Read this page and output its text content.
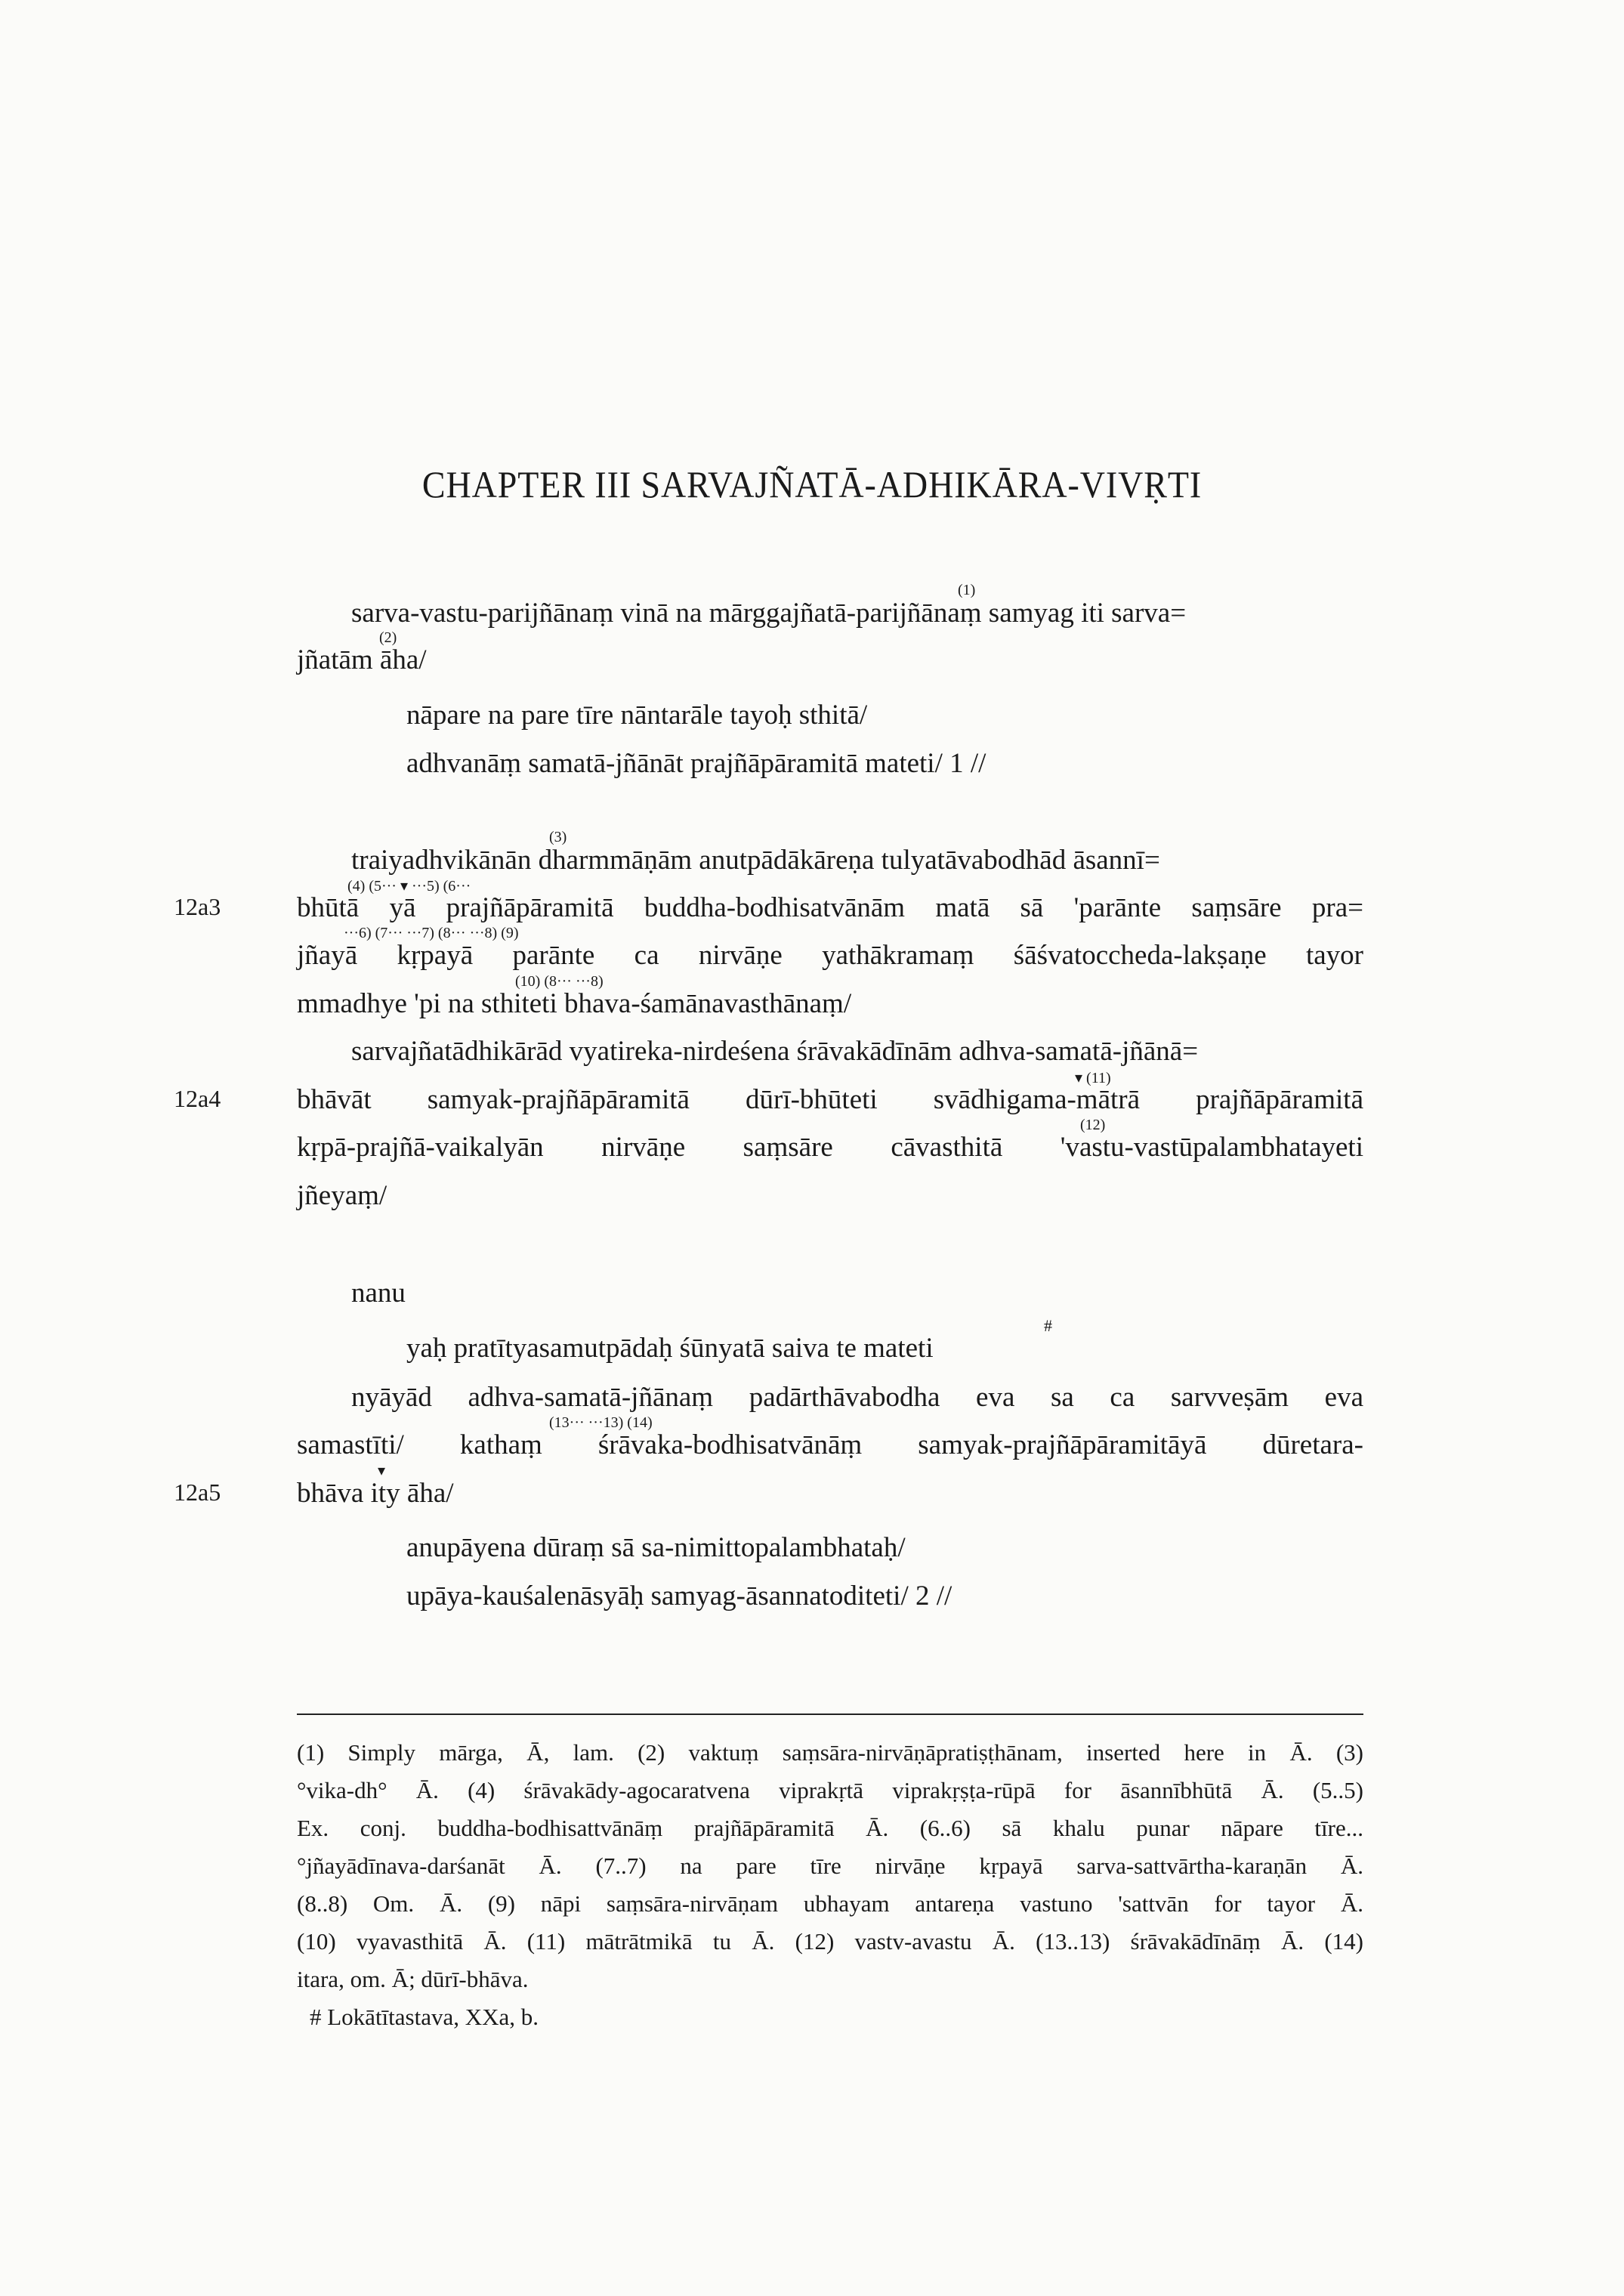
CHAPTER III SARVAJÑATĀ-ADHIKĀRA-VIVṚTI
(1)
sarva-vastu-parijñānaṃ vinā na mārggajñatā-parijñānaṃ samyag iti sarva=
(2)
jñatām āha/
nāpare na pare tīre nāntarāle tayoḥ sthitā/
adhvanāṃ samatā-jñānāt prajñāpāramitā mateti/ 1 //
(3)
traiyadhvikānān dharmmāṇām anutpādākāreṇa tulyatāvabodhād āsannī=
12a3
(4) (5··· ▾ ···5) (6···
bhūtā yā prajñāpāramitā buddha-bodhisatvānām matā sā 'parānte saṃsāre pra=
···6) (7··· ···7) (8··· ···8) (9)
jñayā kṛpayā parānte ca nirvāṇe yathākramaṃ śāśvatoccheda-lakṣaṇe tayor
(10) (8··· ···8)
mmadhye 'pi na sthiteti bhava-śamānavasthānaṃ/
sarvajñatādhikārād vyatireka-nirdeśena śrāvakādīnām adhva-samatā-jñānā=
12a4
▾ (11)
bhāvāt samyak-prajñāpāramitā dūrī-bhūteti svādhigama-mātrā prajñāpāramitā
(12)
kṛpā-prajñā-vaikalyān nirvāṇe saṃsāre cāvasthitā 'vastu-vastūpalambhatayeti
jñeyaṃ/
nanu
#
yaḥ pratītyasamutpādaḥ śūnyatā saiva te mateti
nyāyād adhva-samatā-jñānaṃ padārthāvabodha eva sa ca sarvveṣām eva
(13··· ···13) (14)
samastīti/ kathaṃ śrāvaka-bodhisatvānāṃ samyak-prajñāpāramitāyā dūretara-
12a5
▾
bhāva ity āha/
anupāyena dūraṃ sā sa-nimittopalambhataḥ/
upāya-kauśalenāsyāḥ samyag-āsannatoditeti/ 2 //
(1) Simply mārga, Ā, lam. (2) vaktuṃ saṃsāra-nirvāṇāpratiṣṭhānam, inserted here in Ā. (3)
°vika-dh° Ā. (4) śrāvakādy-agocaratvena viprakṛtā viprakṛṣṭa-rūpā for āsannībhūtā Ā. (5..5)
Ex. conj. buddha-bodhisattvānāṃ prajñāpāramitā Ā. (6..6) sā khalu punar nāpare tīre...
°jñayādīnava-darśanāt Ā. (7..7) na pare tīre nirvāṇe kṛpayā sarva-sattvārtha-karaṇān Ā.
(8..8) Om. Ā. (9) nāpi saṃsāra-nirvāṇam ubhayam antareṇa vastuno 'sattvān for tayor Ā.
(10) vyavasthitā Ā. (11) mātrātmikā tu Ā. (12) vastv-avastu Ā. (13..13) śrāvakādīnāṃ Ā. (14)
itara, om. Ā; dūrī-bhāva.
# Lokātītastava, XXa, b.
